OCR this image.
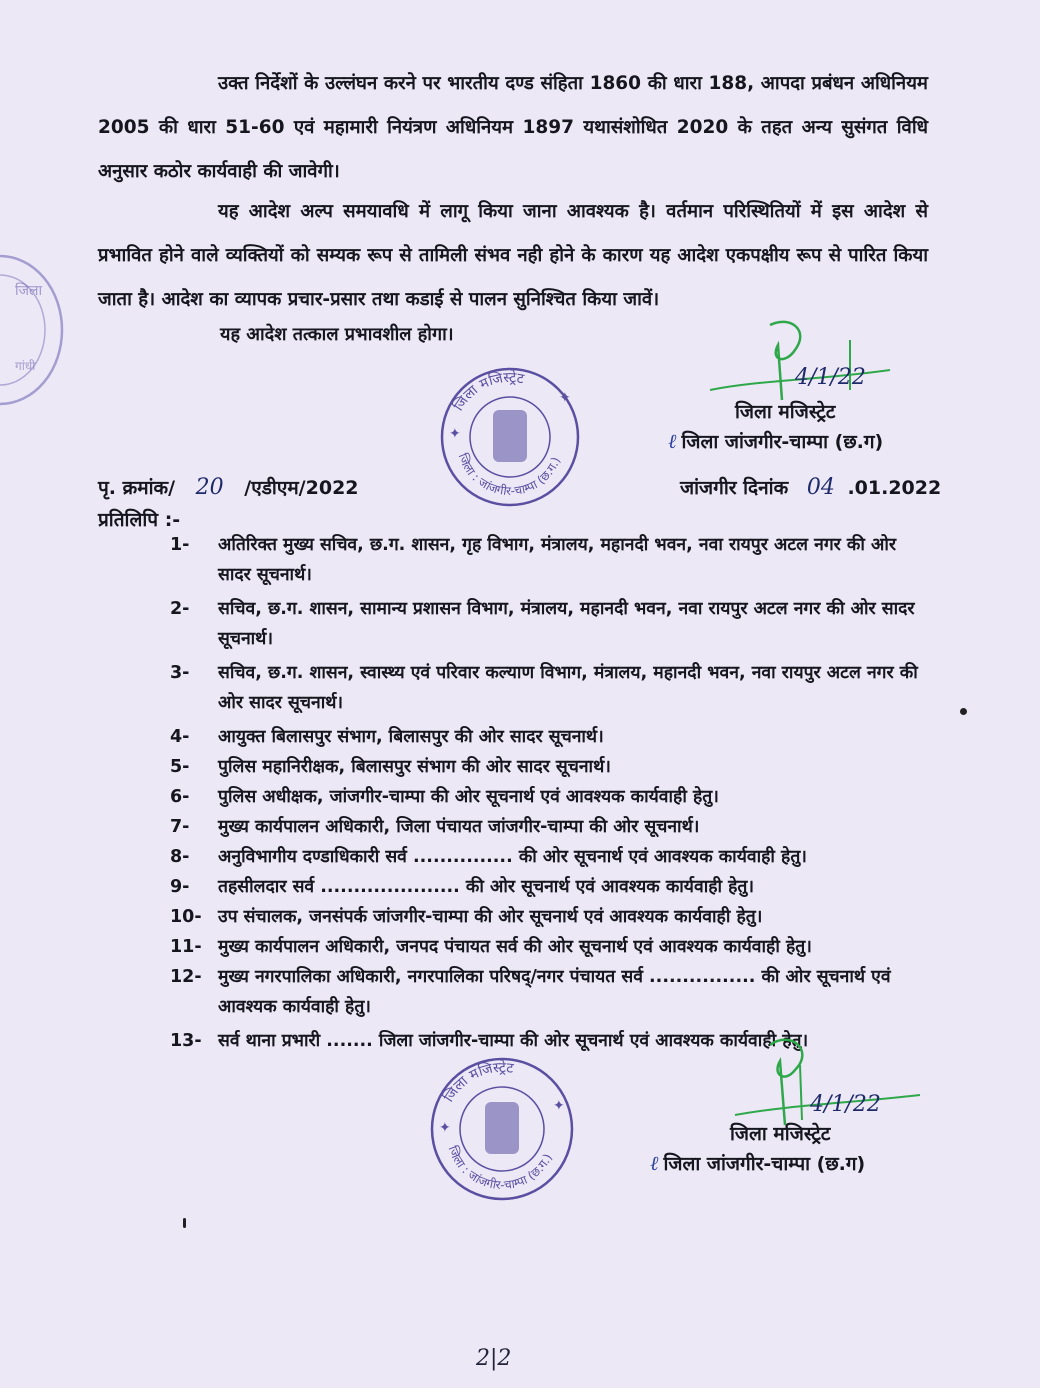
जिला
गांधी
उक्त निर्देशों के उल्लंघन करने पर भारतीय दण्ड संहिता 1860 की धारा 188, आपदा प्रबंधन अधिनियम 2005 की धारा 51-60 एवं महामारी नियंत्रण अधिनियम 1897 यथासंशोधित 2020 के तहत अन्य सुसंगत विधि अनुसार कठोर कार्यवाही की जावेगी।
यह आदेश अल्प समयावधि में लागू किया जाना आवश्यक है। वर्तमान परिस्थितियों में इस आदेश से प्रभावित होने वाले व्यक्तियों को सम्यक रूप से तामिली संभव नही होने के कारण यह आदेश एकपक्षीय रूप से पारित किया जाता है। आदेश का व्यापक प्रचार-प्रसार तथा कडाई से पालन सुनिश्चित किया जावें।
यह आदेश तत्काल प्रभावशील होगा।
4/1/22
जिला मजिस्ट्रेट
ℓ जिला जांजगीर-चाम्पा (छ.ग)
✦
✦
जिला मजिस्ट्रेट
जिला : जांजगीर-चाम्पा (छ.ग.)
पृ. क्रमांक/ 20 /एडीएम/2022	जांजगीर दिनांक 04 .01.2022
प्रतिलिपि :-
1-	अतिरिक्त मुख्य सचिव, छ.ग. शासन, गृह विभाग, मंत्रालय, महानदी भवन, नवा रायपुर अटल नगर की ओर सादर सूचनार्थ।
2-	सचिव, छ.ग. शासन, सामान्य प्रशासन विभाग, मंत्रालय, महानदी भवन, नवा रायपुर अटल नगर की ओर सादर सूचनार्थ।
3-	सचिव, छ.ग. शासन, स्वास्थ्य एवं परिवार कल्याण विभाग, मंत्रालय, महानदी भवन, नवा रायपुर अटल नगर की ओर सादर सूचनार्थ।
4-	आयुक्त बिलासपुर संभाग, बिलासपुर की ओर सादर सूचनार्थ।
5-	पुलिस महानिरीक्षक, बिलासपुर संभाग की ओर सादर सूचनार्थ।
6-	पुलिस अधीक्षक, जांजगीर-चाम्पा की ओर सूचनार्थ एवं आवश्यक कार्यवाही हेतु।
7-	मुख्य कार्यपालन अधिकारी, जिला पंचायत जांजगीर-चाम्पा की ओर सूचनार्थ।
8-	अनुविभागीय दण्डाधिकारी सर्व ............... की ओर सूचनार्थ एवं आवश्यक कार्यवाही हेतु।
9-	तहसीलदार सर्व ..................... की ओर सूचनार्थ एवं आवश्यक कार्यवाही हेतु।
10- उप संचालक, जनसंपर्क जांजगीर-चाम्पा की ओर सूचनार्थ एवं आवश्यक कार्यवाही हेतु।
11- मुख्य कार्यपालन अधिकारी, जनपद पंचायत सर्व की ओर सूचनार्थ एवं आवश्यक कार्यवाही हेतु।
12- मुख्य नगरपालिका अधिकारी, नगरपालिका परिषद्/नगर पंचायत सर्व ................ की ओर सूचनार्थ एवं आवश्यक कार्यवाही हेतु।
13- सर्व थाना प्रभारी ....... जिला जांजगीर-चाम्पा की ओर सूचनार्थ एवं आवश्यक कार्यवाही हेतु।
4/1/22
जिला मजिस्ट्रेट
ℓ जिला जांजगीर-चाम्पा (छ.ग)
✦
✦
जिला मजिस्ट्रेट
जिला : जांजगीर-चाम्पा (छ.ग.)
2|2
